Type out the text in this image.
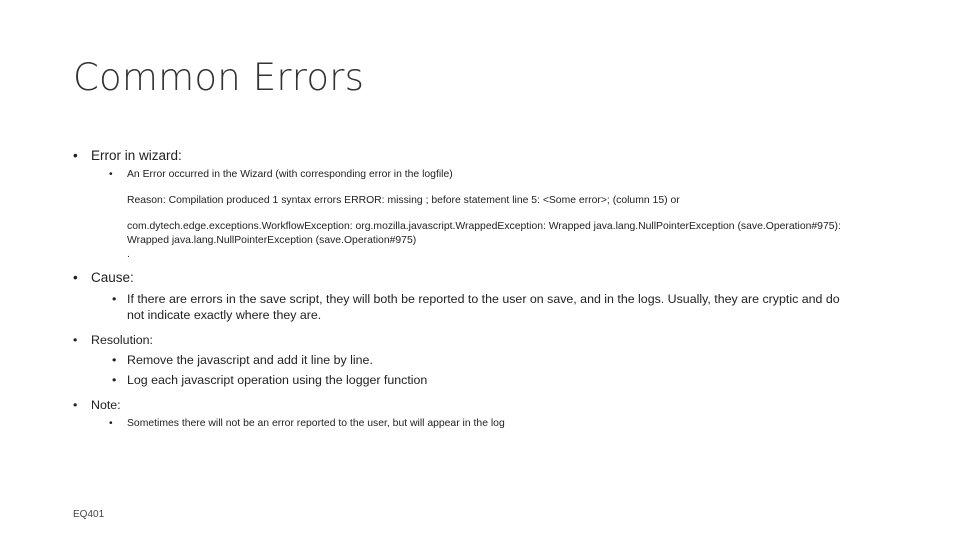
Common Errors
• Error in wizard:
• An Error occurred in the Wizard (with corresponding error in the logfile)
Reason: Compilation produced 1 syntax errors ERROR: missing ; before statement line 5: <Some error>; (column 15) or
com.dytech.edge.exceptions.WorkflowException: org.mozilla.javascript.WrappedException: Wrapped java.lang.NullPointerException (save.Operation#975):
Wrapped java.lang.NullPointerException (save.Operation#975)
.
• Cause:
• If there are errors in the save script, they will both be reported to the user on save, and in the logs. Usually, they are cryptic and do
not indicate exactly where they are.
• Resolution:
• Remove the javascript and add it line by line.
• Log each javascript operation using the logger function
• Note:
• Sometimes there will not be an error reported to the user, but will appear in the log
EQ401
